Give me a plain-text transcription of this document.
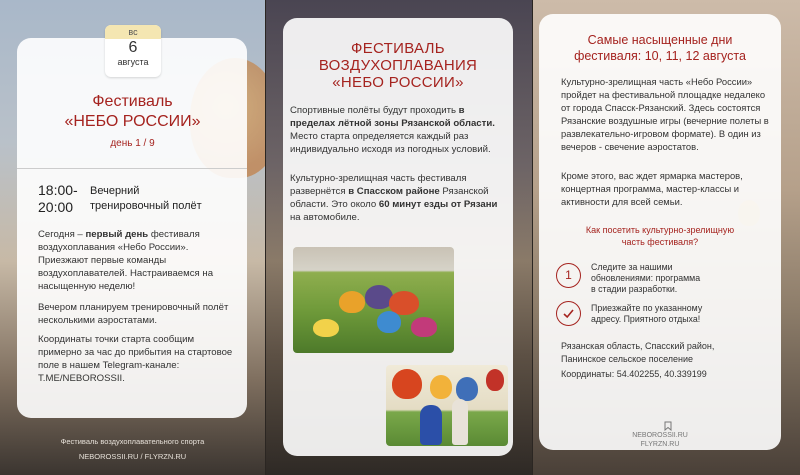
вс
6
августа
Фестиваль
«НЕБО РОССИИ»
день 1 / 9
18:00-
20:00
Вечерний
тренировочный полёт
Сегодня – первый день фестиваля воздухоплавания «Небо России». Приезжают первые команды воздухоплавателей. Настраиваемся на насыщенную неделю!
Вечером планируем тренировочный полёт несколькими аэростатами.
Координаты точки старта сообщим примерно за час до прибытия на стартовое поле в нашем Telegram-канале: T.ME/NEBOROSSII.
Фестиваль воздухоплавательного спорта
NEBOROSSII.RU / FLYRZN.RU
ФЕСТИВАЛЬ
ВОЗДУХОПЛАВАНИЯ
«НЕБО РОССИИ»
Спортивные полёты будут проходить в пределах лётной зоны Рязанской области. Место старта определяется каждый раз индивидуально исходя из погодных условий.
Культурно-зрелищная часть фестиваля развернётся в Спасском районе Рязанской области. Это около 60 минут езды от Рязани на автомобиле.
Самые насыщенные дни
фестиваля: 10, 11, 12 августа
Культурно-зрелищная часть «Небо России» пройдет на фестивальной площадке недалеко от города Спасск-Рязанский. Здесь состоятся Рязанские воздушные игры (вечерние полеты в развлекательно-игровом формате). В один из вечеров - свечение аэростатов.
Кроме этого, вас ждет ярмарка мастеров, концертная программа, мастер-классы и активности для всей семьи.
Как посетить культурно-зрелищную
часть фестиваля?
1
Следите за нашими обновлениями: программа в стадии разработки.
Приезжайте по указанному адресу. Приятного отдыха!
Рязанская область, Спасский район, Панинское сельское поселение
Координаты: 54.402255, 40.339199
NEBOROSSII.RU
FLYRZN.RU
